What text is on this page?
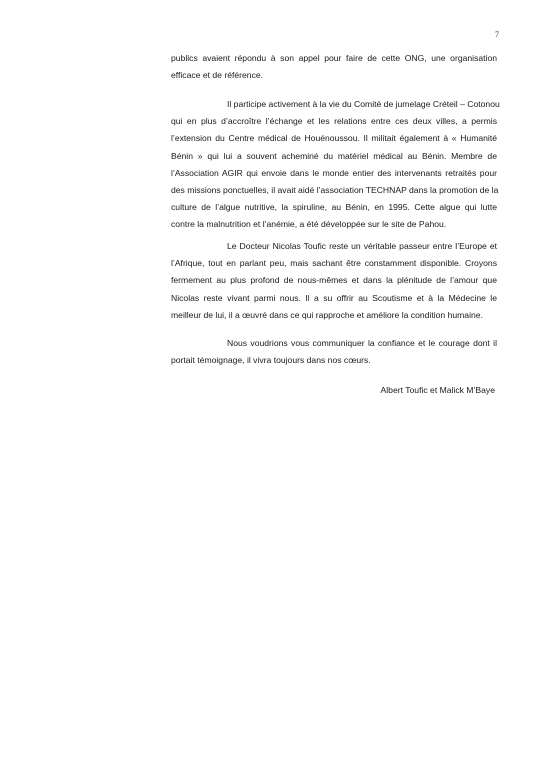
7
publics avaient répondu à son appel pour faire de cette ONG, une organisation
efficace et de référence.
Il participe activement à la vie du Comité de jumelage Créteil – Cotonou
qui en plus d’accroître l’échange et les relations entre ces deux villes, a permis
l’extension du Centre médical de Houénoussou. Il militait également à « Humanité
Bénin » qui lui a souvent acheminé du matériel médical au Bénin. Membre de
l’Association AGIR qui envoie dans le monde entier des intervenants retraités pour
des missions ponctuelles, il avait aidé l’association TECHNAP dans la promotion de la
culture de l’algue nutritive, la spiruline, au Bénin, en 1995. Cette algue qui lutte
contre la malnutrition et l’anémie, a été développée sur le site de Pahou.
Le Docteur Nicolas Toufic reste un véritable passeur entre l’Europe et
l’Afrique, tout en parlant peu, mais sachant être constamment disponible. Croyons
fermement au plus profond de nous-mêmes et dans la plénitude de l’amour que
Nicolas reste vivant parmi nous. Il a su offrir au Scoutisme et à la Médecine le
meilleur de lui, il a œuvré dans ce qui rapproche et améliore la condition humaine.
Nous voudrions vous communiquer la confiance et le courage dont il
portait témoignage, il vivra toujours dans nos cœurs.
Albert Toufic et Malick M’Baye
